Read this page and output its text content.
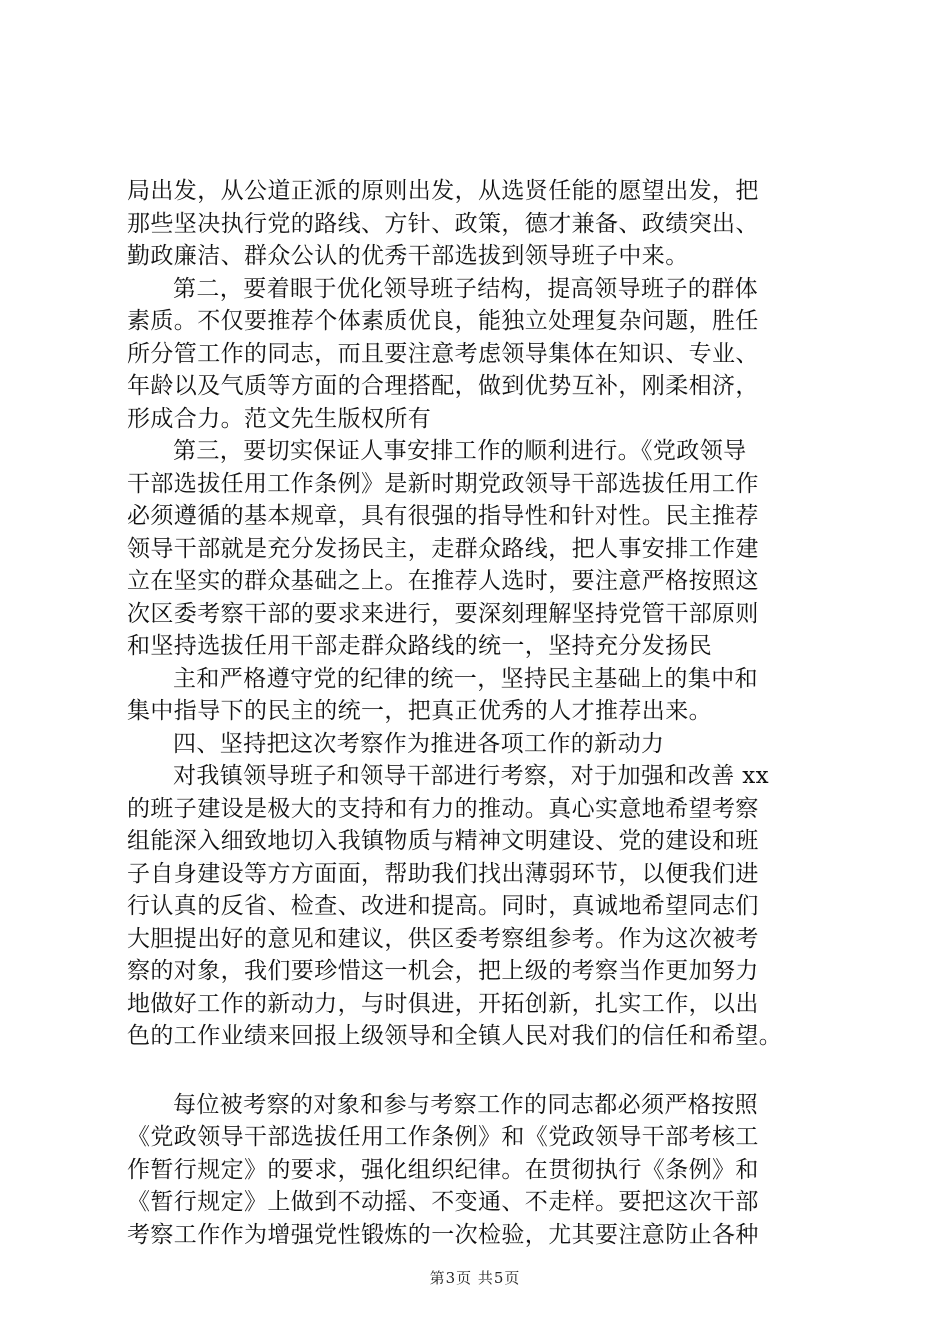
局出发，从公道正派的原则出发，从选贤任能的愿望出发，把
那些坚决执行党的路线、方针、政策，德才兼备、政绩突出、
勤政廉洁、群众公认的优秀干部选拔到领导班子中来。
第二，要着眼于优化领导班子结构，提高领导班子的群体
素质。不仅要推荐个体素质优良，能独立处理复杂问题，胜任
所分管工作的同志，而且要注意考虑领导集体在知识、专业、
年龄以及气质等方面的合理搭配，做到优势互补，刚柔相济，
形成合力。范文先生版权所有
第三，要切实保证人事安排工作的顺利进行。《党政领导
干部选拔任用工作条例》是新时期党政领导干部选拔任用工作
必须遵循的基本规章，具有很强的指导性和针对性。民主推荐
领导干部就是充分发扬民主，走群众路线，把人事安排工作建
立在坚实的群众基础之上。在推荐人选时，要注意严格按照这
次区委考察干部的要求来进行，要深刻理解坚持党管干部原则
和坚持选拔任用干部走群众路线的统一，坚持充分发扬民
主和严格遵守党的纪律的统一，坚持民主基础上的集中和
集中指导下的民主的统一，把真正优秀的人才推荐出来。
四、坚持把这次考察作为推进各项工作的新动力
对我镇领导班子和领导干部进行考察，对于加强和改善 xx
的班子建设是极大的支持和有力的推动。真心实意地希望考察
组能深入细致地切入我镇物质与精神文明建设、党的建设和班
子自身建设等方方面面，帮助我们找出薄弱环节，以便我们进
行认真的反省、检查、改进和提高。同时，真诚地希望同志们
大胆提出好的意见和建议，供区委考察组参考。作为这次被考
察的对象，我们要珍惜这一机会，把上级的考察当作更加努力
地做好工作的新动力，与时俱进，开拓创新，扎实工作，以出
色的工作业绩来回报上级领导和全镇人民对我们的信任和希望。
每位被考察的对象和参与考察工作的同志都必须严格按照
《党政领导干部选拔任用工作条例》和《党政领导干部考核工
作暂行规定》的要求，强化组织纪律。在贯彻执行《条例》和
《暂行规定》上做到不动摇、不变通、不走样。要把这次干部
考察工作作为增强党性锻炼的一次检验，尤其要注意防止各种
第3页 共5页
